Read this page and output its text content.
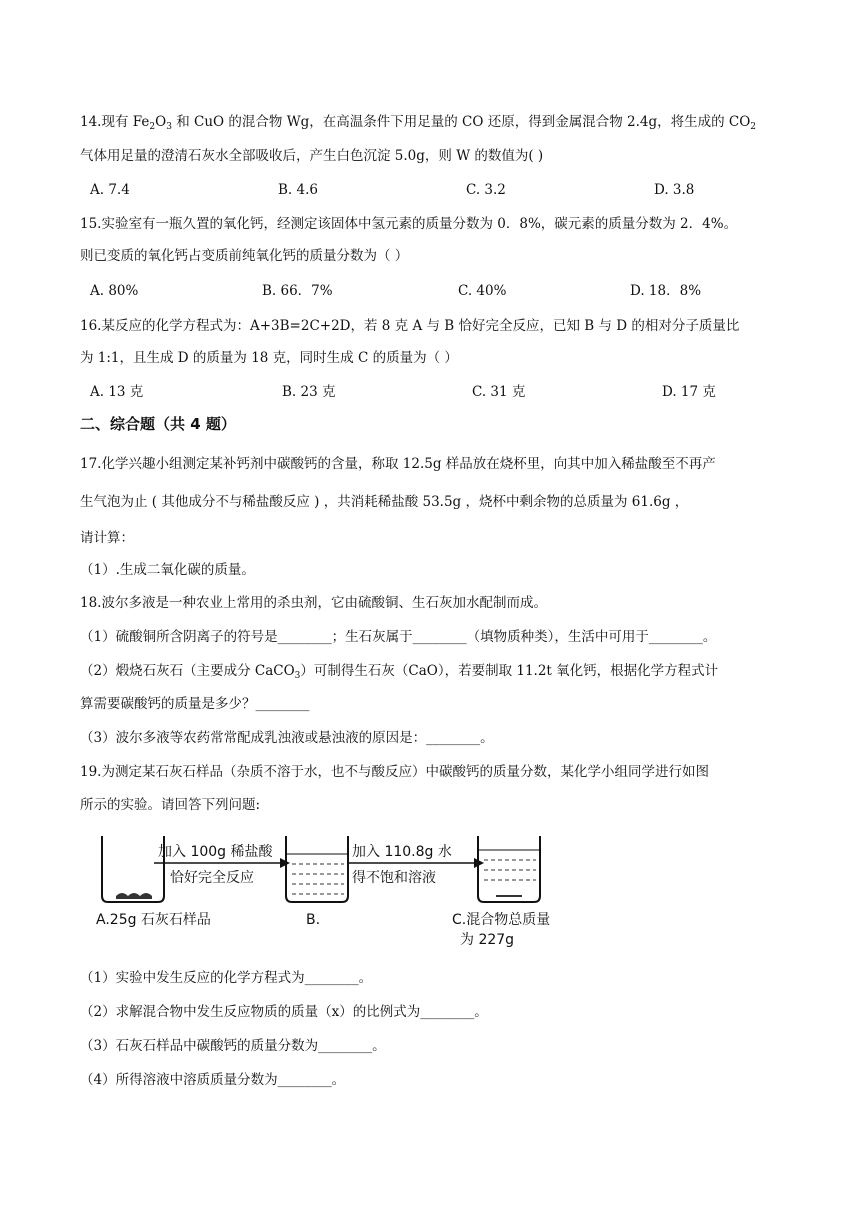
14.现有 $Fe_2O_3$ 和 CuO 的混合物 Wg，在高温条件下用足量的 CO 还原，得到金属混合物 2.4g，将生成的 $CO_2$
气体用足量的澄清石灰水全部吸收后，产生白色沉淀 5.0g，则 W 的数值为( )
A. 7.4	B. 4.6	C. 3.2	D. 3.8
15.实验室有一瓶久置的氧化钙，经测定该固体中氢元素的质量分数为 0．8%，碳元素的质量分数为 2．4%。
则已变质的氧化钙占变质前纯氧化钙的质量分数为（ ）
A. 80%	B. 66．7%	C. 40%	D. 18．8%
16.某反应的化学方程式为：A+3B=2C+2D，若 8 克 A 与 B 恰好完全反应，已知 B 与 D 的相对分子质量比
为 1:1，且生成 D 的质量为 18 克，同时生成 C 的质量为（ ）
A. 13 克	B. 23 克	C. 31 克	D. 17 克
二、综合题（共 4 题）
17.化学兴趣小组测定某补钙剂中碳酸钙的含量，称取 12.5g 样品放在烧杯里，向其中加入稀盐酸至不再产
生气泡为止 ( 其他成分不与稀盐酸反应 ) ，共消耗稀盐酸 53.5g ，烧杯中剩余物的总质量为 61.6g ，
请计算：
（1）.生成二氧化碳的质量。
18.波尔多液是一种农业上常用的杀虫剂，它由硫酸铜、生石灰加水配制而成。
（1）硫酸铜所含阴离子的符号是________；生石灰属于________（填物质种类），生活中可用于________。
（2）煅烧石灰石（主要成分 CaCO$_3$）可制得生石灰（CaO），若要制取 11.2t 氧化钙，根据化学方程式计
算需要碳酸钙的质量是多少？________
（3）波尔多液等农药常常配成乳浊液或悬浊液的原因是：________。
19.为测定某石灰石样品（杂质不溶于水，也不与酸反应）中碳酸钙的质量分数，某化学小组同学进行如图
所示的实验。请回答下列问题:
加入 100g 稀盐酸
恰好完全反应
加入 110.8g 水
得不饱和溶液
A.25g 石灰石样品	B.	C.混合物总质量
为 227g
（1）实验中发生反应的化学方程式为________。
（2）求解混合物中发生反应物质的质量（x）的比例式为________。
（3）石灰石样品中碳酸钙的质量分数为________。
（4）所得溶液中溶质质量分数为________。
